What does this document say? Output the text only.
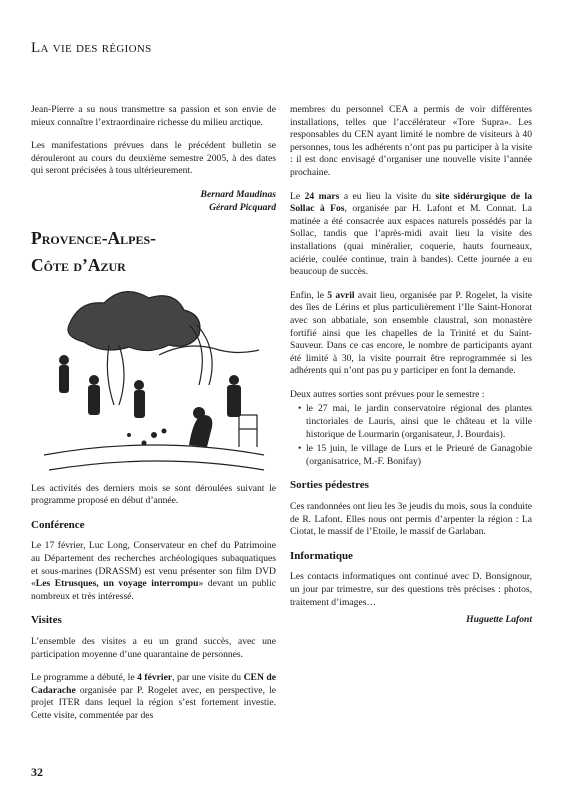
La vie des régions

Jean-Pierre a su nous transmettre sa passion et son envie de mieux connaître l’extraordinaire richesse du milieu arctique.

Les manifestations prévues dans le précédent bulletin se dérouleront au cours du deuxième semestre 2005, à des dates qui seront précisées à tous ultérieurement.

Bernard Maudinas

Gérard Picquard

Provence-Alpes-
Côte d’Azur

Les activités des derniers mois se sont déroulées suivant le programme proposé en début d’année.

Conférence

Le 17 février, Luc Long, Conservateur en chef du Patrimoine au Département des recherches archéologiques subaquatiques et sous-marines (DRASSM) est venu présenter son film DVD «Les Etrusques, un voyage interrompu» devant un public nombreux et très intéressé.

Visites

L’ensemble des visites a eu un grand succès, avec une participation moyenne d’une quarantaine de personnes.

Le programme a débuté, le 4 février, par une visite du CEN de Cadarache organisée par P. Rogelet avec, en perspective, le projet ITER dans lequel la région s’est fortement investie. Cette visite, commentée par des

membres du personnel CEA a permis de voir différentes installations, telles que l’accélérateur «Tore Supra». Les responsables du CEN ayant limité le nombre de visiteurs à 40 personnes, tous les adhérents n’ont pas pu participer à la visite : il est donc envisagé d’organiser une nouvelle visite l’année prochaine.

Le 24 mars a eu lieu la visite du site sidérurgique de la Sollac à Fos, organisée par H. Lafont et M. Connat. La matinée a été consacrée aux espaces naturels possédés par la Sollac, tandis que l’après-midi avait lieu la visite des installations (quai minéralier, coquerie, hauts fourneaux, aciérie, coulée continue, train à bandes). Cette journée a eu beaucoup de succès.

Enfin, le 5 avril avait lieu, organisée par P. Rogelet, la visite des îles de Lérins et plus particulièrement l’Ile Saint-Honorat avec son abbatiale, son ensemble claustral, son monastère fortifié ainsi que les chapelles de la Trinité et du Saint-Sauveur. Dans ce cas encore, le nombre de participants ayant été limité à 30, la visite pourrait être reprogrammée si les adhérents qui n’ont pas pu y participer en font la demande.

Deux autres sorties sont prévues pour le semestre :

• le 27 mai, le jardin conservatoire régional des plantes tinctoriales de Lauris, ainsi que le château et la ville historique de Lourmarin (organisateur, J. Bourdais).
• le 15 juin, le village de Lurs et le Prieuré de Ganagobie (organisatrice, M.-F. Bonifay)
Sorties pédestres

Ces randonnées ont lieu les 3e jeudis du mois, sous la conduite de R. Lafont. Elles nous ont permis d’arpenter la région : La Ciotat, le massif de l’Etoile, le massif de Garlaban.

Informatique

Les contacts informatiques ont continué avec D. Bonsignour, un jour par trimestre, sur des questions très précises : photos, traitement d’images…

Huguette Lafont

32
